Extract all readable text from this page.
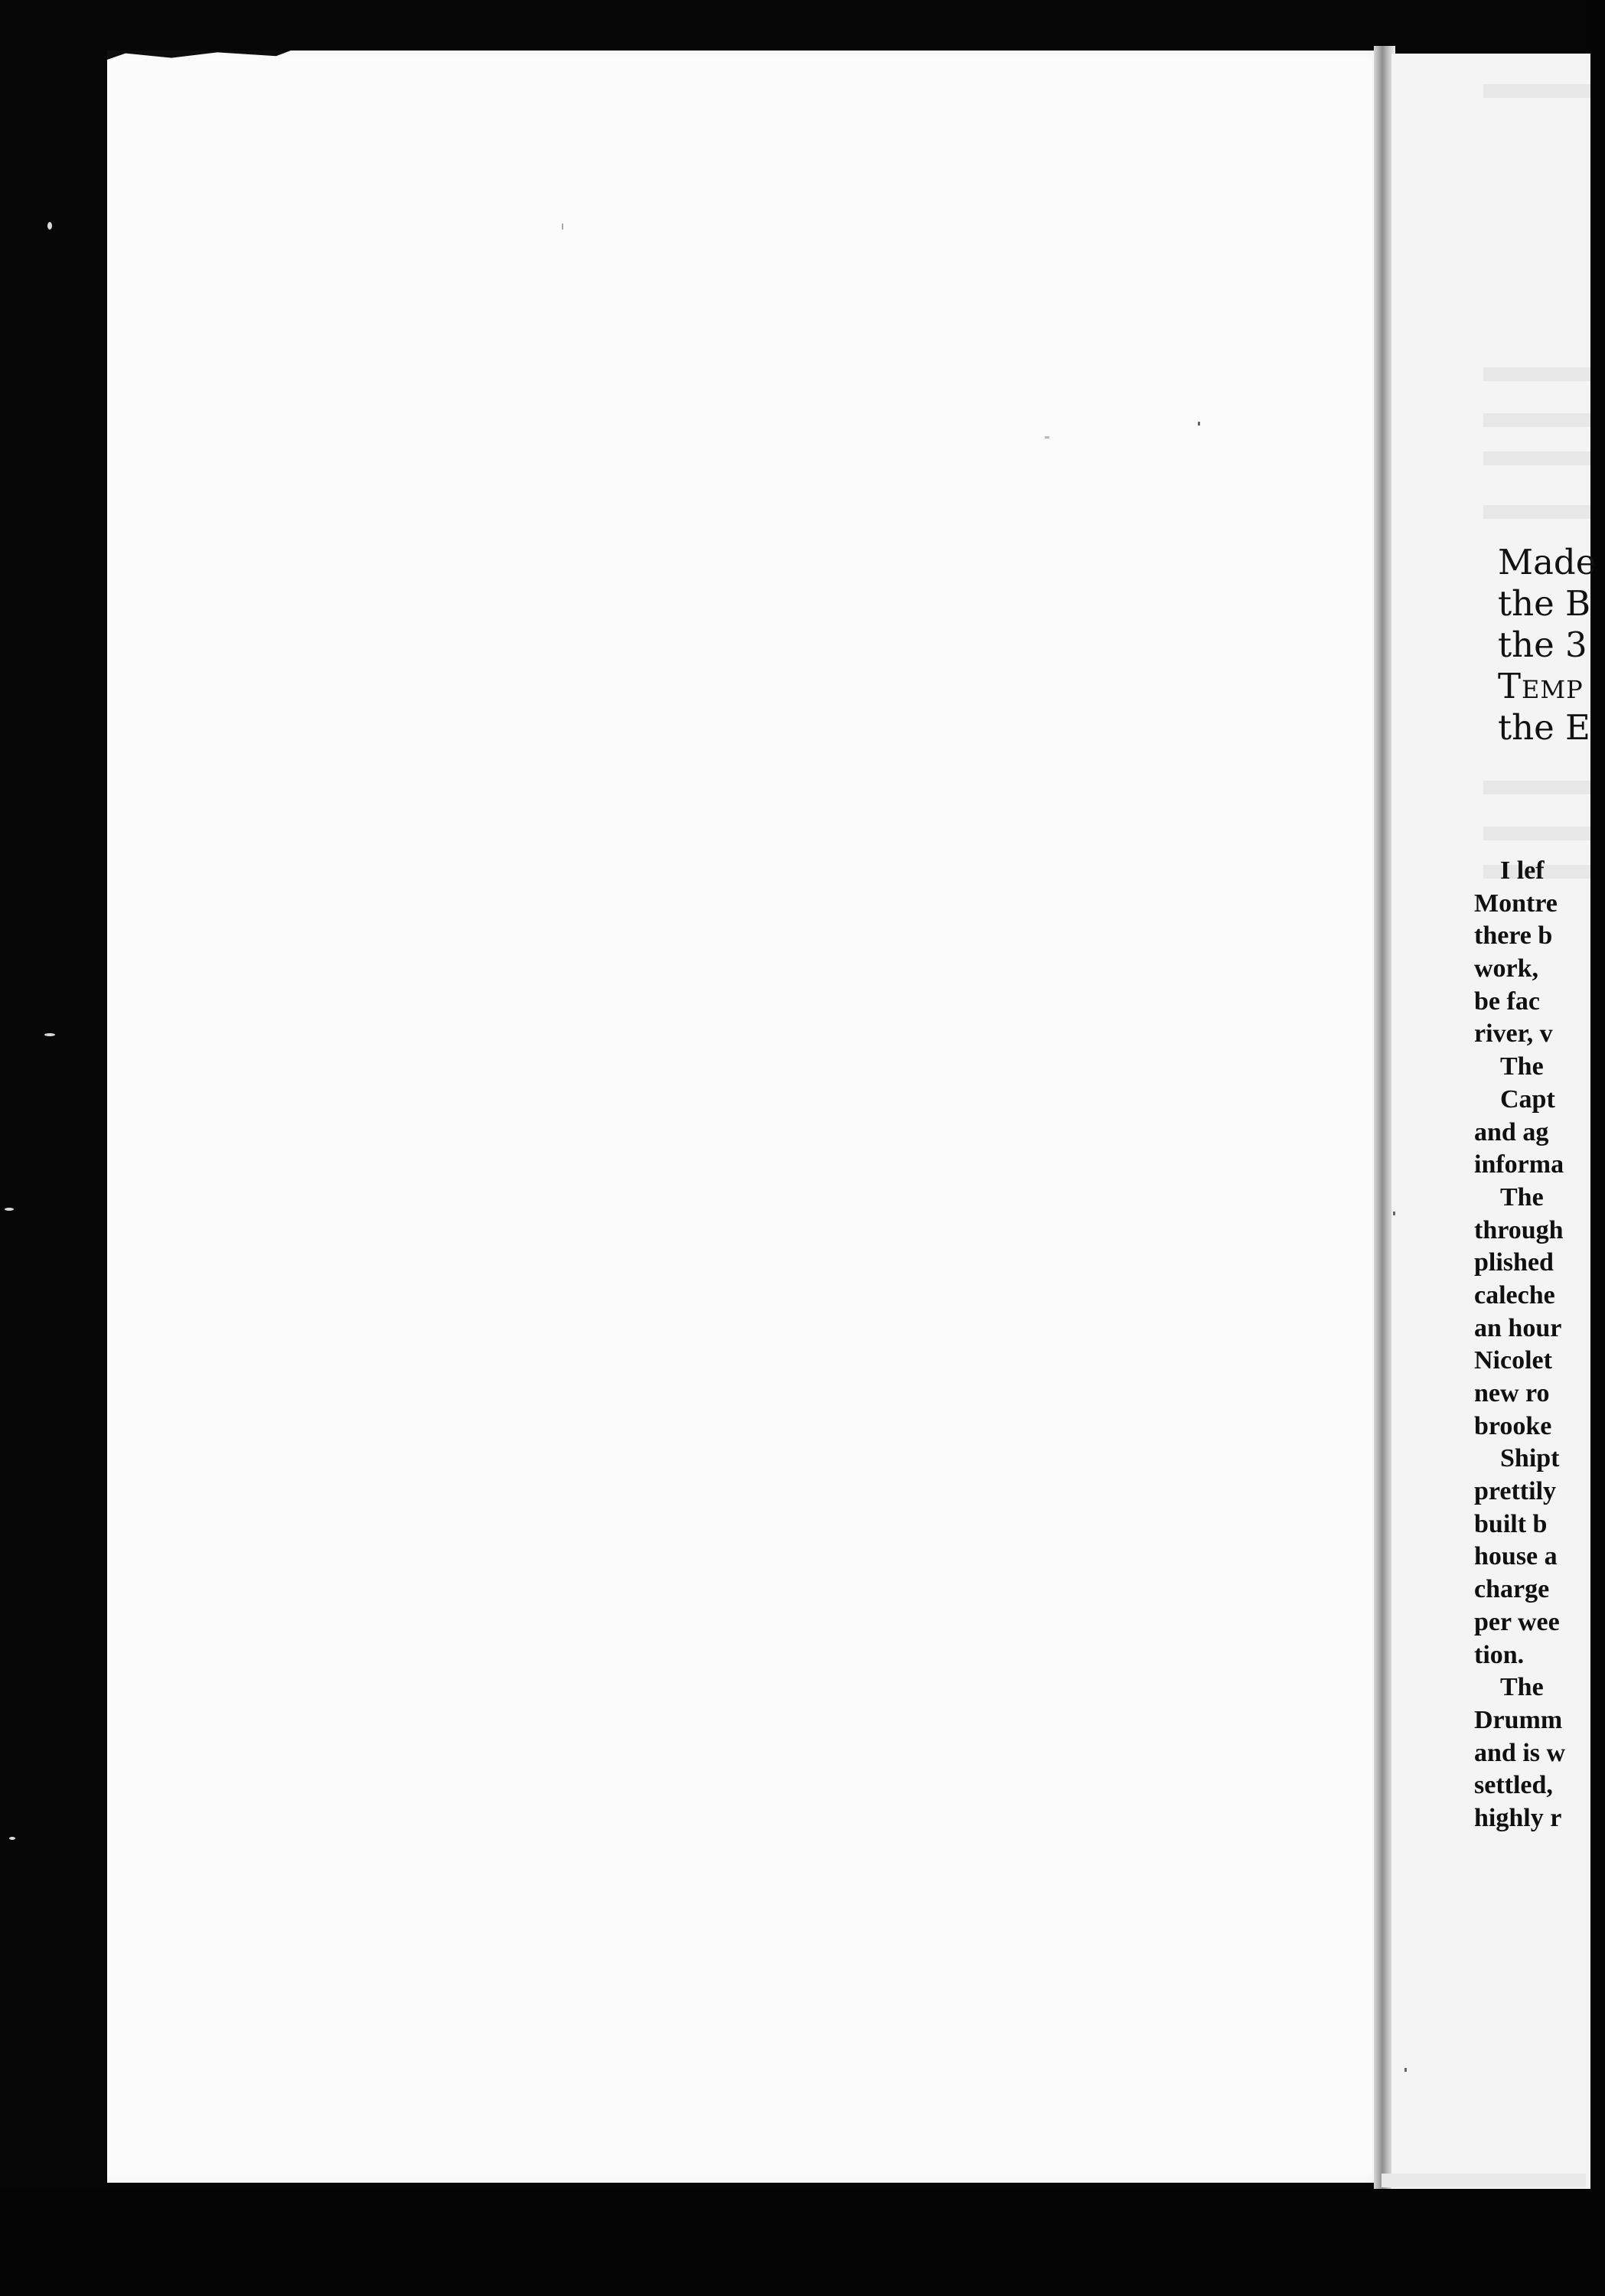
Made
the B
the 3
Temp
the E
I lef
Montre
there b
work,
be fac
river, v
The
Capt
and ag
informa
The
through
plished
caleche
an hour
Nicolet
new ro
brooke
Shipt
prettily
built b
house a
charge
per wee
tion.
The
Drumm
and is w
settled,
highly r
